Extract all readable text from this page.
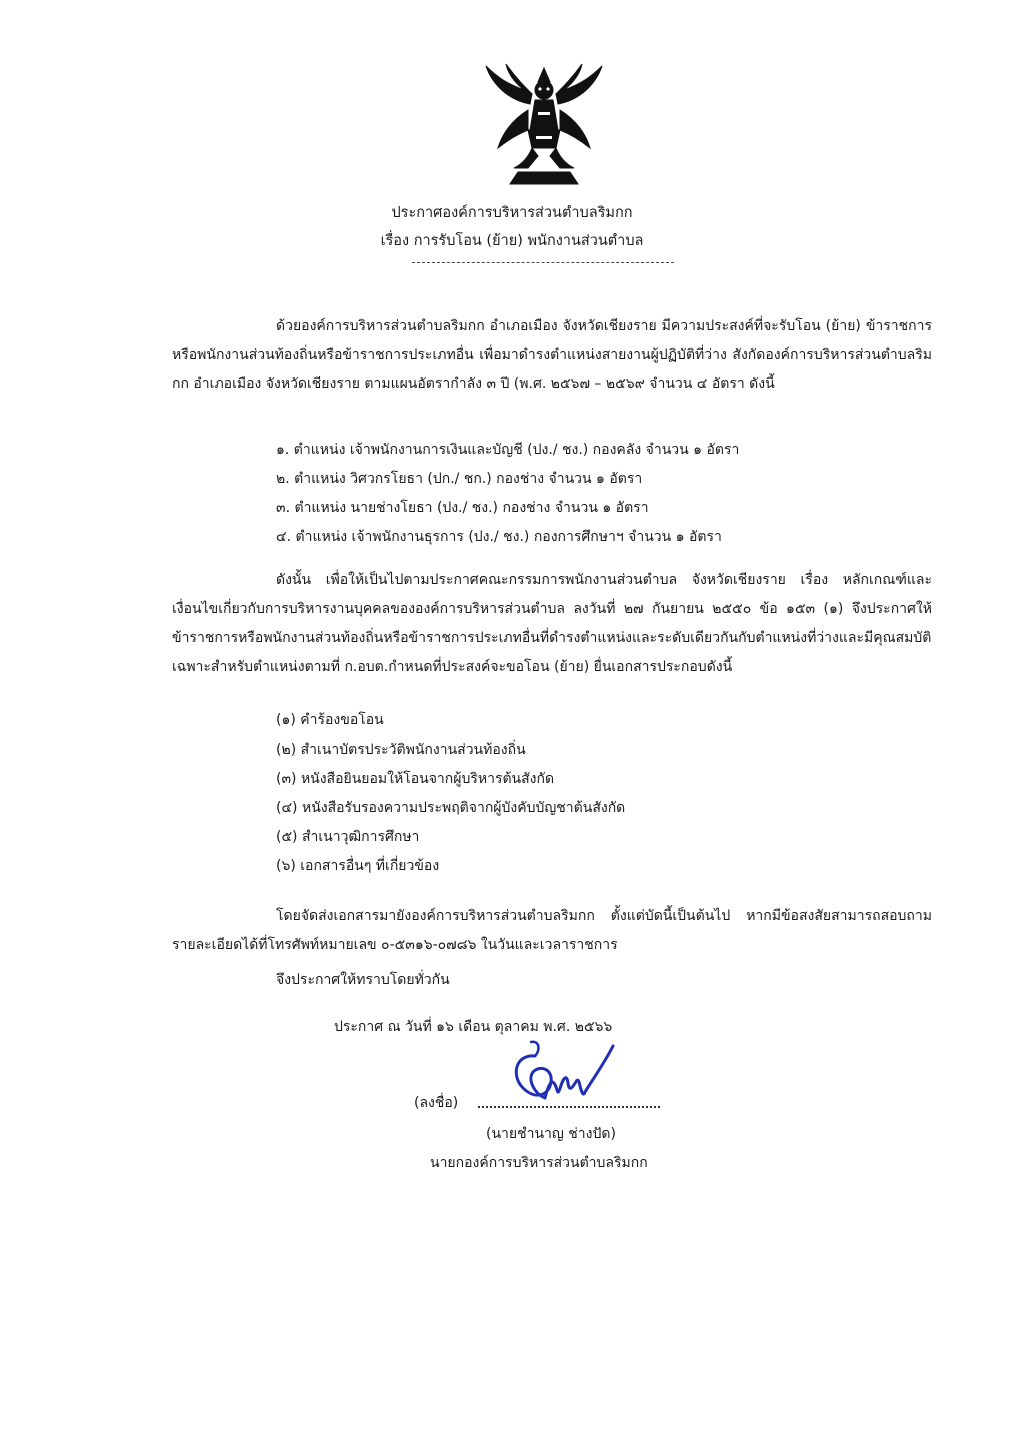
ประกาศองค์การบริหารส่วนตำบลริมกก
เรื่อง การรับโอน (ย้าย) พนักงานส่วนตำบล
ด้วยองค์การบริหารส่วนตำบลริมกก อำเภอเมือง จังหวัดเชียงราย มีความประสงค์ที่จะรับโอน (ย้าย) ข้าราชการหรือพนักงานส่วนท้องถิ่นหรือข้าราชการประเภทอื่น เพื่อมาดำรงตำแหน่งสายงานผู้ปฏิบัติที่ว่าง สังกัดองค์การบริหารส่วนตำบลริมกก อำเภอเมือง จังหวัดเชียงราย ตามแผนอัตรากำลัง ๓ ปี (พ.ศ. ๒๕๖๗ – ๒๕๖๙ จำนวน ๔ อัตรา ดังนี้
๑. ตำแหน่ง เจ้าพนักงานการเงินและบัญชี (ปง./ ชง.) กองคลัง จำนวน ๑ อัตรา
๒. ตำแหน่ง วิศวกรโยธา (ปก./ ชก.) กองช่าง จำนวน ๑ อัตรา
๓. ตำแหน่ง นายช่างโยธา (ปง./ ชง.) กองช่าง จำนวน ๑ อัตรา
๔. ตำแหน่ง เจ้าพนักงานธุรการ (ปง./ ชง.) กองการศึกษาฯ จำนวน ๑ อัตรา
ดังนั้น เพื่อให้เป็นไปตามประกาศคณะกรรมการพนักงานส่วนตำบล จังหวัดเชียงราย เรื่อง หลักเกณฑ์และเงื่อนไขเกี่ยวกับการบริหารงานบุคคลขององค์การบริหารส่วนตำบล ลงวันที่ ๒๗ กันยายน ๒๕๕๐ ข้อ ๑๕๓ (๑) จึงประกาศให้ข้าราชการหรือพนักงานส่วนท้องถิ่นหรือข้าราชการประเภทอื่นที่ดำรงตำแหน่งและระดับเดียวกันกับตำแหน่งที่ว่างและมีคุณสมบัติเฉพาะสำหรับตำแหน่งตามที่ ก.อบต.กำหนดที่ประสงค์จะขอโอน (ย้าย) ยื่นเอกสารประกอบดังนี้
(๑) คำร้องขอโอน
(๒) สำเนาบัตรประวัติพนักงานส่วนท้องถิ่น
(๓) หนังสือยินยอมให้โอนจากผู้บริหารต้นสังกัด
(๔) หนังสือรับรองความประพฤติจากผู้บังคับบัญชาต้นสังกัด
(๕) สำเนาวุฒิการศึกษา
(๖) เอกสารอื่นๆ ที่เกี่ยวข้อง
โดยจัดส่งเอกสารมายังองค์การบริหารส่วนตำบลริมกก ตั้งแต่บัดนี้เป็นต้นไป หากมีข้อสงสัยสามารถสอบถามรายละเอียดได้ที่โทรศัพท์หมายเลข ๐-๕๓๑๖-๐๗๘๖ ในวันและเวลาราชการ
จึงประกาศให้ทราบโดยทั่วกัน
ประกาศ ณ วันที่ ๑๖ เดือน ตุลาคม พ.ศ. ๒๕๖๖
(ลงชื่อ)
(นายชำนาญ ช่างปัด)
นายกองค์การบริหารส่วนตำบลริมกก
